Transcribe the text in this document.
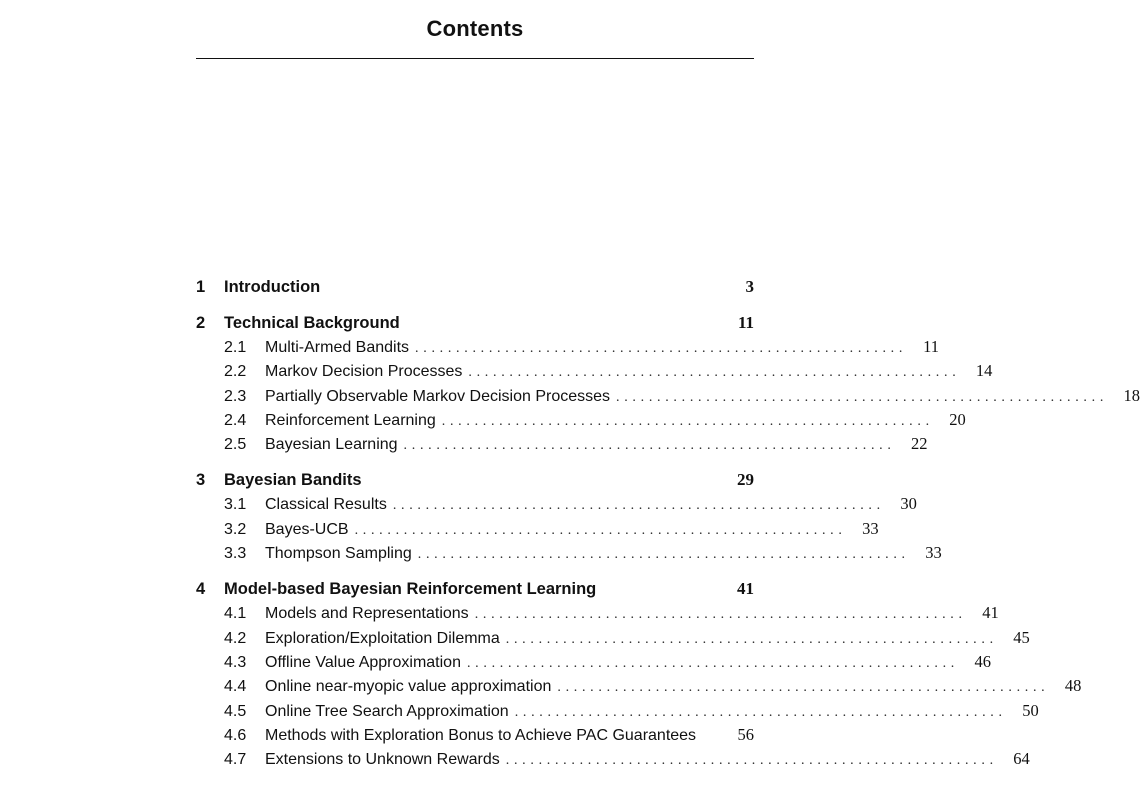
Contents
1	Introduction	3
2	Technical Background	11
2.1	Multi-Armed Bandits ............................................................ 11
2.2	Markov Decision Processes ............................................................ 14
2.3	Partially Observable Markov Decision Processes ............................................................ 18
2.4	Reinforcement Learning ............................................................ 20
2.5	Bayesian Learning ............................................................ 22
3	Bayesian Bandits	29
3.1	Classical Results ............................................................ 30
3.2	Bayes-UCB ............................................................ 33
3.3	Thompson Sampling ............................................................ 33
4	Model-based Bayesian Reinforcement Learning	41
4.1	Models and Representations ............................................................ 41
4.2	Exploration/Exploitation Dilemma ............................................................ 45
4.3	Offline Value Approximation ............................................................ 46
4.4	Online near-myopic value approximation ............................................................ 48
4.5	Online Tree Search Approximation ............................................................ 50
4.6	Methods with Exploration Bonus to Achieve PAC Guarantees	56
4.7	Extensions to Unknown Rewards ............................................................ 64
